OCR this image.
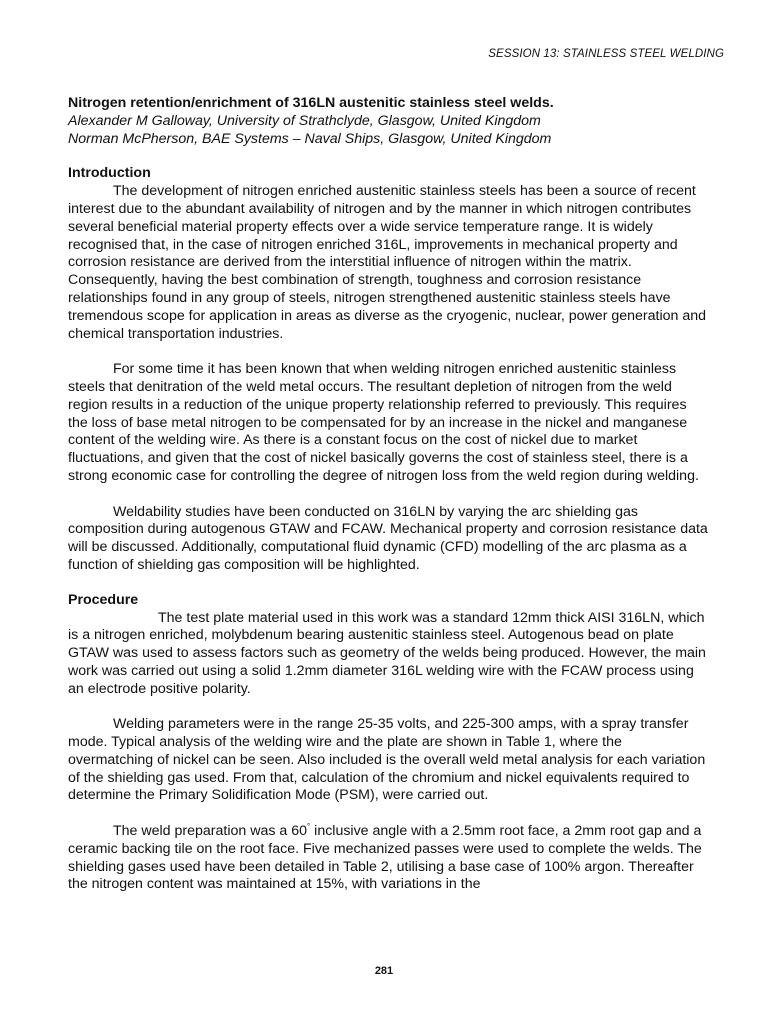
SESSION 13: STAINLESS STEEL WELDING

Nitrogen retention/enrichment of 316LN austenitic stainless steel welds.

Alexander M Galloway, University of Strathclyde, Glasgow, United Kingdom

Norman McPherson, BAE Systems – Naval Ships, Glasgow, United Kingdom

Introduction

The development of nitrogen enriched austenitic stainless steels has been a source of recent interest due to the abundant availability of nitrogen and by the manner in which nitrogen contributes several beneficial material property effects over a wide service temperature range. It is widely recognised that, in the case of nitrogen enriched 316L, improvements in mechanical property and corrosion resistance are derived from the interstitial influence of nitrogen within the matrix. Consequently, having the best combination of strength, toughness and corrosion resistance relationships found in any group of steels, nitrogen strengthened austenitic stainless steels have tremendous scope for application in areas as diverse as the cryogenic, nuclear, power generation and chemical transportation industries.

For some time it has been known that when welding nitrogen enriched austenitic stainless steels that denitration of the weld metal occurs. The resultant depletion of nitrogen from the weld region results in a reduction of the unique property relationship referred to previously. This requires the loss of base metal nitrogen to be compensated for by an increase in the nickel and manganese content of the welding wire. As there is a constant focus on the cost of nickel due to market fluctuations, and given that the cost of nickel basically governs the cost of stainless steel, there is a strong economic case for controlling the degree of nitrogen loss from the weld region during welding.

Weldability studies have been conducted on 316LN by varying the arc shielding gas composition during autogenous GTAW and FCAW. Mechanical property and corrosion resistance data will be discussed. Additionally, computational fluid dynamic (CFD) modelling of the arc plasma as a function of shielding gas composition will be highlighted.

Procedure

The test plate material used in this work was a standard 12mm thick AISI 316LN, which is a nitrogen enriched, molybdenum bearing austenitic stainless steel. Autogenous bead on plate GTAW was used to assess factors such as geometry of the welds being produced. However, the main work was carried out using a solid 1.2mm diameter 316L welding wire with the FCAW process using an electrode positive polarity.

Welding parameters were in the range 25-35 volts, and 225-300 amps, with a spray transfer mode. Typical analysis of the welding wire and the plate are shown in Table 1, where the overmatching of nickel can be seen. Also included is the overall weld metal analysis for each variation of the shielding gas used. From that, calculation of the chromium and nickel equivalents required to determine the Primary Solidification Mode (PSM), were carried out.

The weld preparation was a 60° inclusive angle with a 2.5mm root face, a 2mm root gap and a ceramic backing tile on the root face. Five mechanized passes were used to complete the welds. The shielding gases used have been detailed in Table 2, utilising a base case of 100% argon. Thereafter the nitrogen content was maintained at 15%, with variations in the

281
